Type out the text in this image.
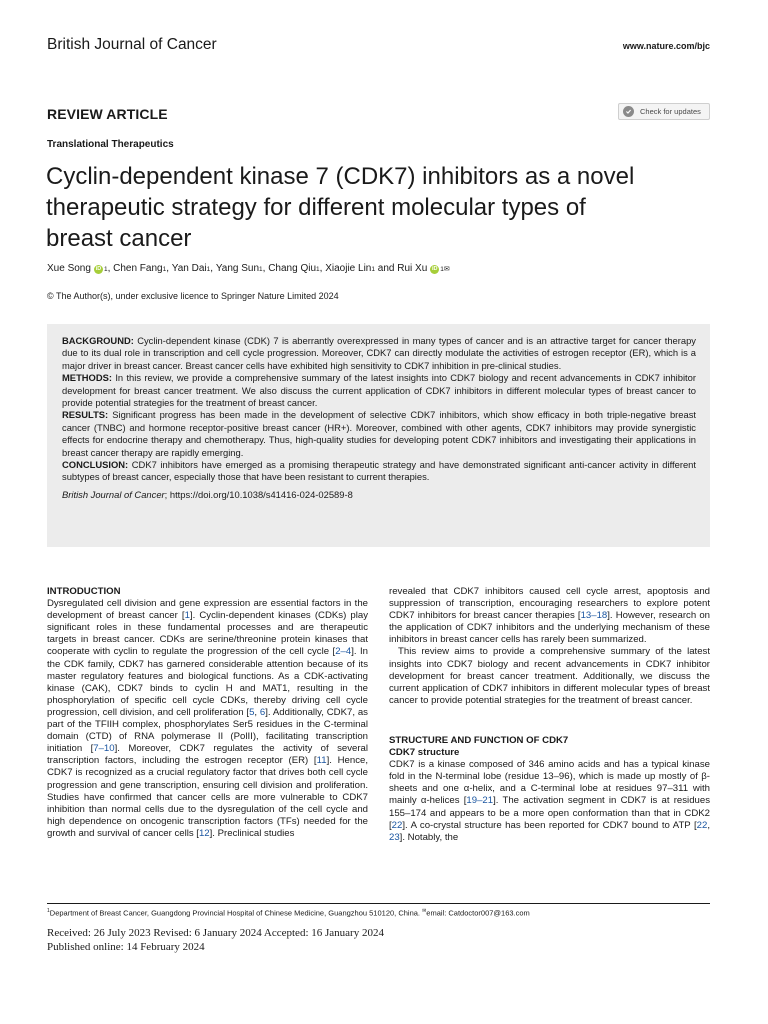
British Journal of Cancer	www.nature.com/bjc
REVIEW ARTICLE	Check for updates
Translational Therapeutics
Cyclin-dependent kinase 7 (CDK7) inhibitors as a novel
therapeutic strategy for different molecular types of
breast cancer
Xue Song iD 1 , Chen Fang 1 , Yan Dai 1 , Yang Sun 1 , Chang Qiu 1 , Xiaojie Lin 1 and Rui Xu iD 1 ✉
© The Author(s), under exclusive licence to Springer Nature Limited 2024

BACKGROUND: Cyclin-dependent kinase (CDK) 7 is aberrantly overexpressed in many types of cancer and is an attractive target for cancer therapy due to its dual role in transcription and cell cycle progression. Moreover, CDK7 can directly modulate the activities of estrogen receptor (ER), which is a major driver in breast cancer. Breast cancer cells have exhibited high sensitivity to CDK7 inhibition in pre-clinical studies.

METHODS: In this review, we provide a comprehensive summary of the latest insights into CDK7 biology and recent advancements in CDK7 inhibitor development for breast cancer treatment. We also discuss the current application of CDK7 inhibitors in different molecular types of breast cancer to provide potential strategies for the treatment of breast cancer.

RESULTS: Significant progress has been made in the development of selective CDK7 inhibitors, which show efficacy in both triple-negative breast cancer (TNBC) and hormone receptor-positive breast cancer (HR+). Moreover, combined with other agents, CDK7 inhibitors may provide synergistic effects for endocrine therapy and chemotherapy. Thus, high-quality studies for developing potent CDK7 inhibitors and investigating their applications in breast cancer therapy are rapidly emerging.

CONCLUSION: CDK7 inhibitors have emerged as a promising therapeutic strategy and have demonstrated significant anti-cancer activity in different subtypes of breast cancer, especially those that have been resistant to current therapies.

British Journal of Cancer; https://doi.org/10.1038/s41416-024-02589-8

INTRODUCTION

Dysregulated cell division and gene expression are essential factors in the development of breast cancer [1]. Cyclin-dependent kinases (CDKs) play significant roles in these fundamental processes and are therapeutic targets in breast cancer. CDKs are serine/threonine protein kinases that cooperate with cyclin to regulate the progression of the cell cycle [2–4]. In the CDK family, CDK7 has garnered considerable attention because of its master regulatory features and biological functions. As a CDK-activating kinase (CAK), CDK7 binds to cyclin H and MAT1, resulting in the phosphorylation of specific cell cycle CDKs, thereby driving cell cycle progression, cell division, and cell proliferation [5, 6]. Additionally, CDK7, as part of the TFIIH complex, phosphorylates Ser5 residues in the C-terminal domain (CTD) of RNA polymerase II (PolII), facilitating transcription initiation [7–10]. Moreover, CDK7 regulates the activity of several transcription factors, including the estrogen receptor (ER) [11]. Hence, CDK7 is recognized as a crucial regulatory factor that drives both cell cycle progression and gene transcription, ensuring cell division and proliferation. Studies have confirmed that cancer cells are more vulnerable to CDK7 inhibition than normal cells due to the dysregulation of the cell cycle and high dependence on oncogenic transcription factors (TFs) needed for the growth and survival of cancer cells [12]. Preclinical studies

revealed that CDK7 inhibitors caused cell cycle arrest, apoptosis and suppression of transcription, encouraging researchers to explore potent CDK7 inhibitors for breast cancer therapies [13–18]. However, research on the application of CDK7 inhibitors and the underlying mechanism of these inhibitors in breast cancer cells has rarely been summarized.

This review aims to provide a comprehensive summary of the latest insights into CDK7 biology and recent advancements in CDK7 inhibitor development for breast cancer treatment. Additionally, we discuss the current application of CDK7 inhibitors in different molecular types of breast cancer to provide potential strategies for the treatment of breast cancer.

STRUCTURE AND FUNCTION OF CDK7
CDK7 structure

CDK7 is a kinase composed of 346 amino acids and has a typical kinase fold in the N-terminal lobe (residue 13–96), which is made up mostly of β-sheets and one α-helix, and a C-terminal lobe at residues 97–311 with mainly α-helices [19–21]. The activation segment in CDK7 is at residues 155–174 and appears to be a more open conformation than that in CDK2 [22]. A co-crystal structure has been reported for CDK7 bound to ATP [22, 23]. Notably, the

$^1$Department of Breast Cancer, Guangdong Provincial Hospital of Chinese Medicine, Guangzhou 510120, China. ✉email: Catdoctor007@163.com
Received: 26 July 2023 Revised: 6 January 2024 Accepted: 16 January 2024
Published online: 14 February 2024
